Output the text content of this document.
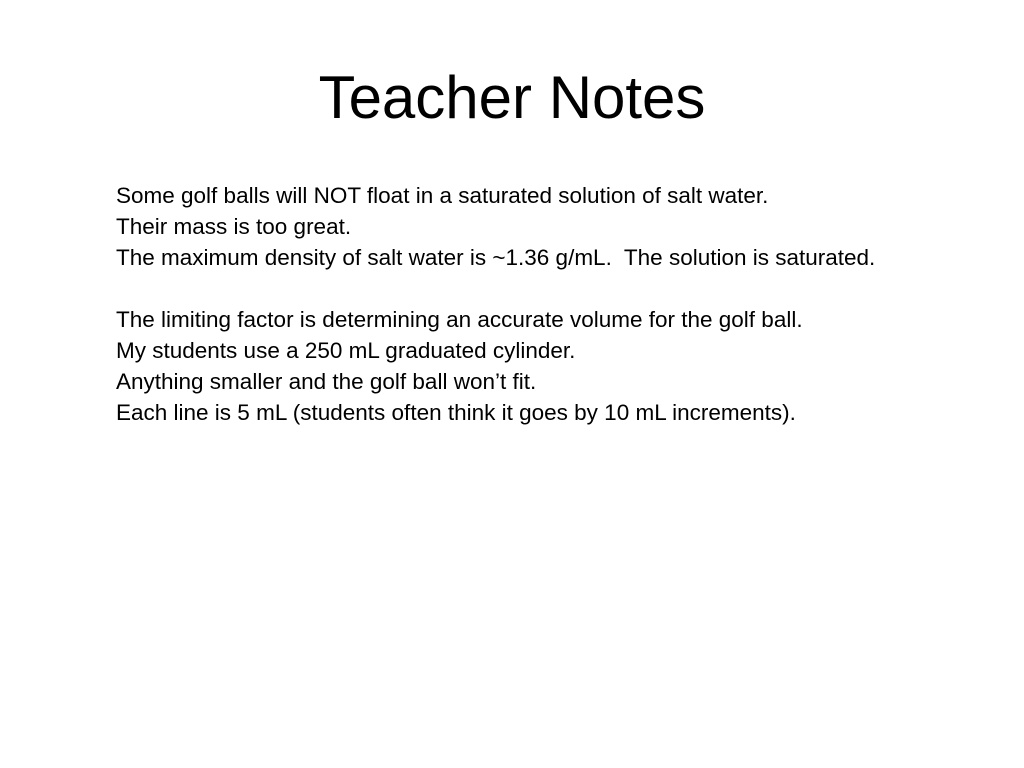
Teacher Notes
Some golf balls will NOT float in a saturated solution of salt water.
Their mass is too great.
The maximum density of salt water is ~1.36 g/mL.  The solution is saturated.
The limiting factor is determining an accurate volume for the golf ball.
My students use a 250 mL graduated cylinder.
Anything smaller and the golf ball won’t fit.
Each line is 5 mL (students often think it goes by 10 mL increments).
